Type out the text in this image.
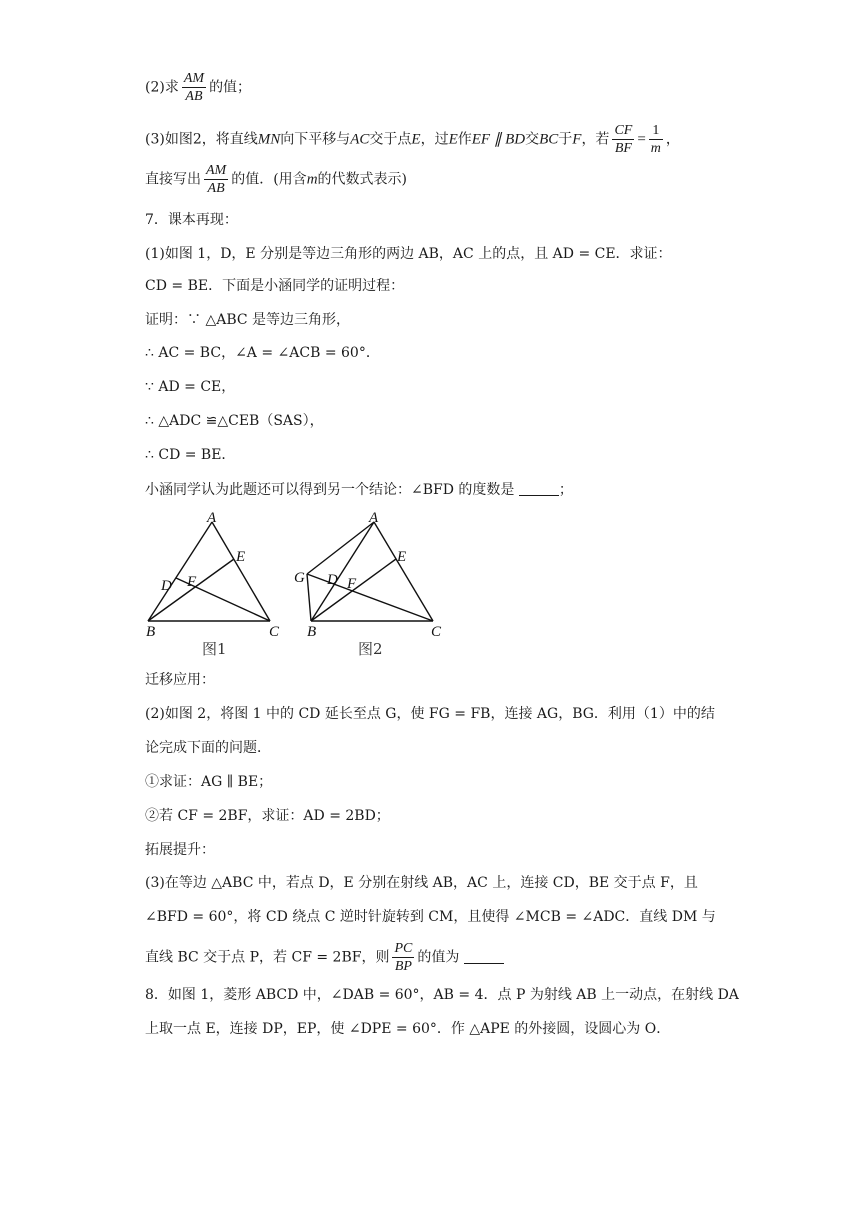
(2)求 $\frac{AM}{AB}$ 的值；
(3)如图2，将直线MN向下平移与AC交于点E，过E作EF ∥ BD交BC于F，若 $\frac{CF}{BF} = \frac{1}{m}$ ，
直接写出 $\frac{AM}{AB}$ 的值．(用含m的代数式表示)
7．课本再现：
(1)如图 1，D，E 分别是等边三角形的两边 AB，AC 上的点，且 AD = CE．求证：
CD = BE．下面是小涵同学的证明过程：
证明：∵ △ABC 是等边三角形，
∴ AC = BC，∠A = ∠ACB = 60°．
∵ AD = CE，
∴ △ADC ≌△CEB（SAS），
∴ CD = BE．
小涵同学认为此题还可以得到另一个结论：∠BFD 的度数是	；
A
B	C
D
E
F
图1
A
B	C
D
E
F
G
图2
迁移应用：
(2)如图 2，将图 1 中的 CD 延长至点 G，使 FG = FB，连接 AG，BG．利用（1）中的结
论完成下面的问题．
①求证：AG ∥ BE；
②若 CF = 2BF，求证：AD = 2BD；
拓展提升：
(3)在等边 △ABC 中，若点 D，E 分别在射线 AB，AC 上，连接 CD，BE 交于点 F，且
∠BFD = 60°，将 CD 绕点 C 逆时针旋转到 CM，且使得 ∠MCB = ∠ADC．直线 DM 与
直线 BC 交于点 P，若 CF = 2BF，则 $\frac{PC}{BP}$ 的值为
8．如图 1，菱形 ABCD 中，∠DAB = 60°，AB = 4．点 P 为射线 AB 上一动点，在射线 DA
上取一点 E，连接 DP，EP，使 ∠DPE = 60°．作 △APE 的外接圆，设圆心为 O．
